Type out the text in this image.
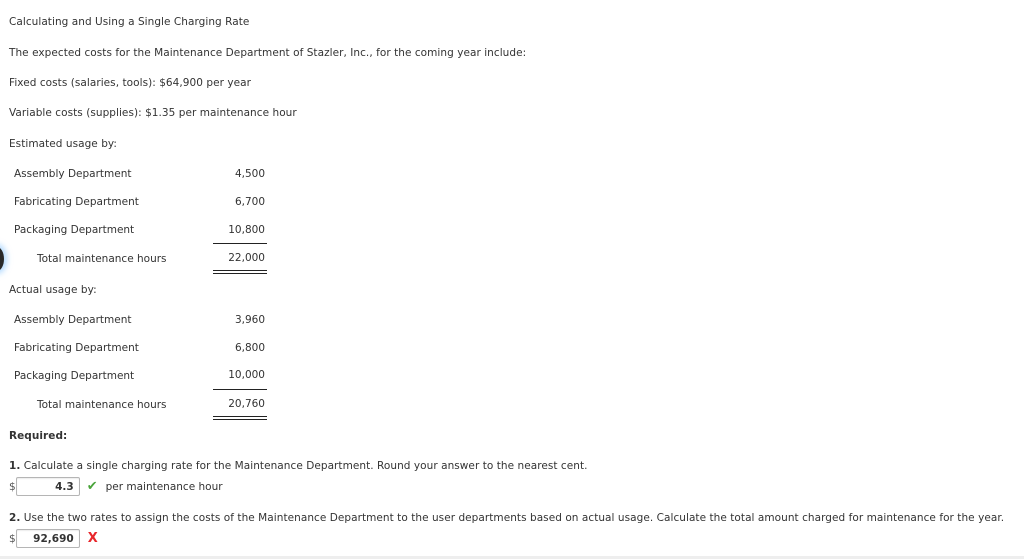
Calculating and Using a Single Charging Rate
The expected costs for the Maintenance Department of Stazler, Inc., for the coming year include:
Fixed costs (salaries, tools): $64,900 per year
Variable costs (supplies): $1.35 per maintenance hour
Estimated usage by:
Assembly Department	4,500
Fabricating Department	6,700
Packaging Department	10,800
Total maintenance hours	22,000
Actual usage by:
Assembly Department	3,960
Fabricating Department	6,800
Packaging Department	10,000
Total maintenance hours	20,760
Required:
1. Calculate a single charging rate for the Maintenance Department. Round your answer to the nearest cent.
$
4.3	✔ per maintenance hour
2. Use the two rates to assign the costs of the Maintenance Department to the user departments based on actual usage. Calculate the total amount charged for maintenance for the year.
$
92,690	X
